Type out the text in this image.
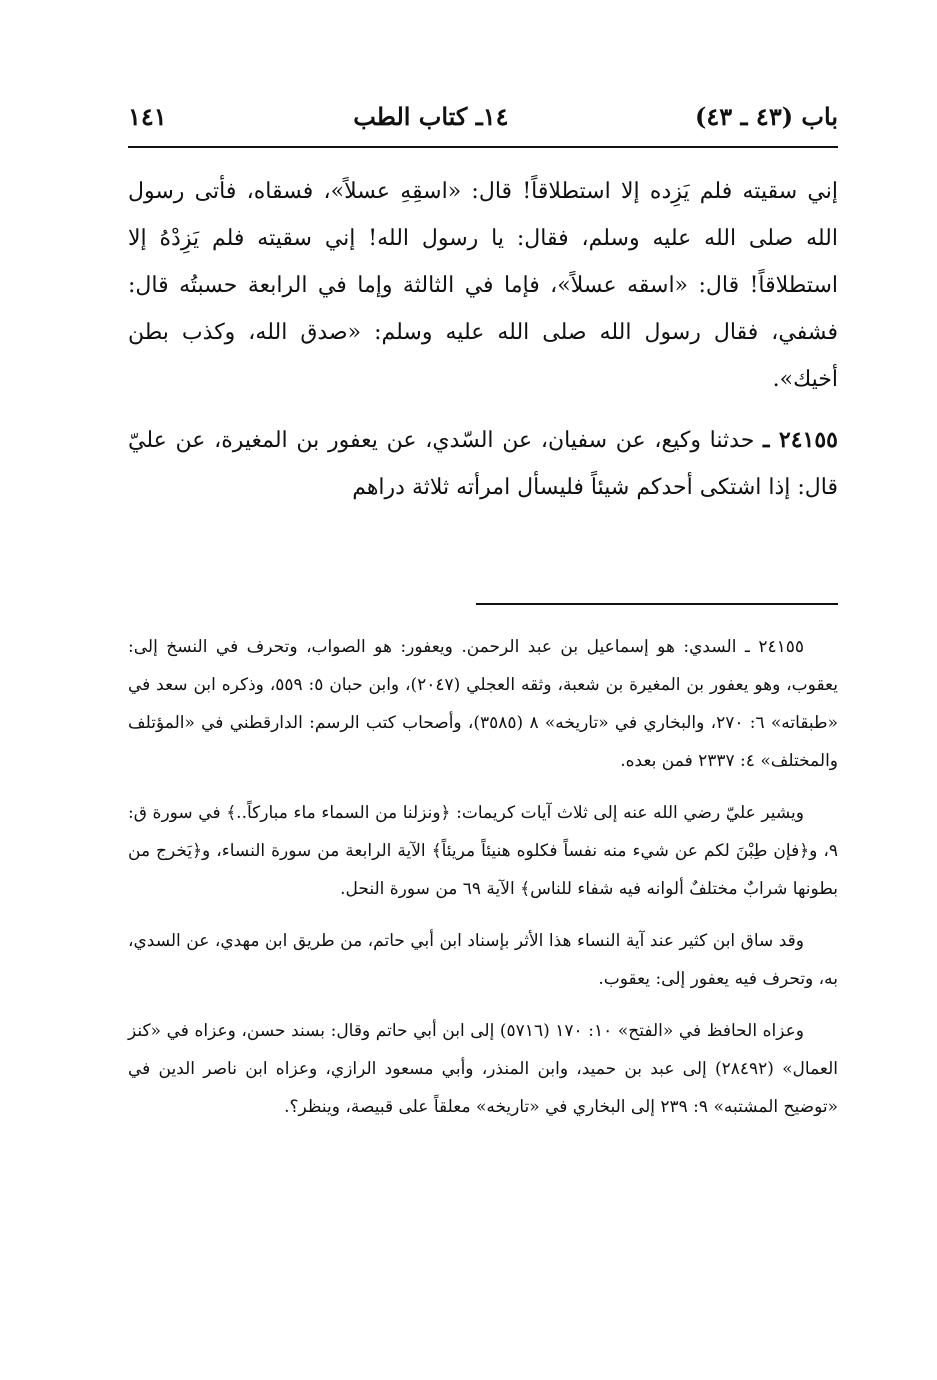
باب (٤٣ ـ ٤٣)
١٤ـ كتاب الطب
١٤١

إني سقيته فلم يَزِده إلا استطلاقاً! قال: «اسقِهِ عسلاً»، فسقاه، فأتى رسول الله صلى الله عليه وسلم، فقال: يا رسول الله! إني سقيته فلم يَزِدْهُ إلا استطلاقاً! قال: «اسقه عسلاً»، فإما في الثالثة وإما في الرابعة حسبتُه قال: فشفي، فقال رسول الله صلى الله عليه وسلم: «صدق الله، وكذب بطن أخيك».

٢٤١٥٥ ـ حدثنا وكيع، عن سفيان، عن السّدي، عن يعفور بن المغيرة، عن عليّ قال: إذا اشتكى أحدكم شيئاً فليسأل امرأته ثلاثة دراهم

٢٤١٥٥ ـ السدي: هو إسماعيل بن عبد الرحمن. ويعفور: هو الصواب، وتحرف في النسخ إلى: يعقوب، وهو يعفور بن المغيرة بن شعبة، وثقه العجلي (٢٠٤٧)، وابن حبان ٥: ٥٥٩، وذكره ابن سعد في «طبقاته» ٦: ٢٧٠، والبخاري في «تاريخه» ٨ (٣٥٨٥)، وأصحاب كتب الرسم: الدارقطني في «المؤتلف والمختلف» ٤: ٢٣٣٧ فمن بعده.

ويشير عليّ رضي الله عنه إلى ثلاث آيات كريمات: ﴿ونزلنا من السماء ماء مباركاً..﴾ في سورة ق: ٩، و﴿فإن طِبْنَ لكم عن شيء منه نفساً فكلوه هنيئاً مريئاً﴾ الآية الرابعة من سورة النساء، و﴿يَخرج من بطونها شرابٌ مختلفٌ ألوانه فيه شفاء للناس﴾ الآية ٦٩ من سورة النحل.

وقد ساق ابن كثير عند آية النساء هذا الأثر بإسناد ابن أبي حاتم، من طريق ابن مهدي، عن السدي، به، وتحرف فيه يعفور إلى: يعقوب.

وعزاه الحافظ في «الفتح» ١٠: ١٧٠ (٥٧١٦) إلى ابن أبي حاتم وقال: بسند حسن، وعزاه في «كنز العمال» (٢٨٤٩٢) إلى عبد بن حميد، وابن المنذر، وأبي مسعود الرازي، وعزاه ابن ناصر الدين في «توضيح المشتبه» ٩: ٢٣٩ إلى البخاري في «تاريخه» معلقاً على قبيصة، وينظر؟.
